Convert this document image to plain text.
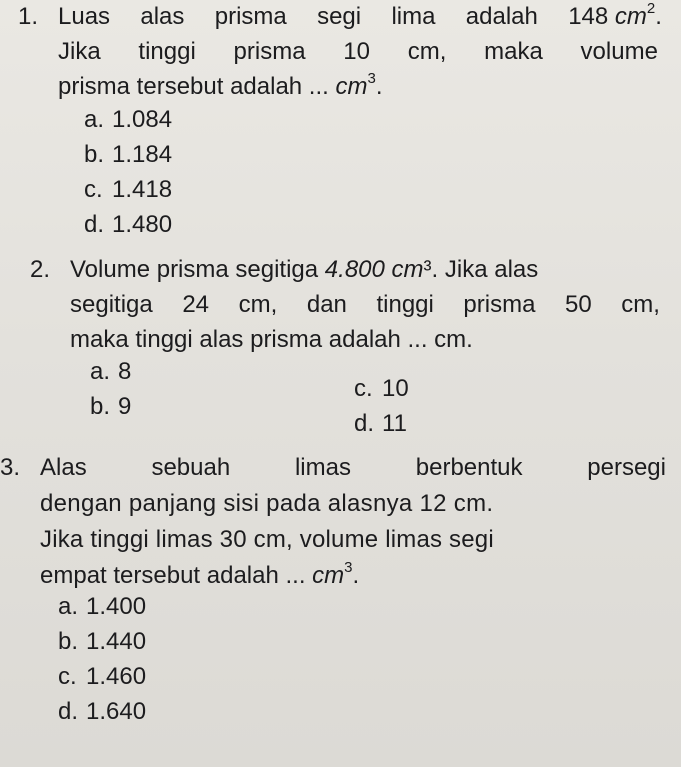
1. Luas alas prisma segi lima adalah 148 $cm^2$.
Jika tinggi prisma 10 cm, maka volume
prisma tersebut adalah ... $cm^3$.
a. 1.084
b. 1.184
c. 1.418
d. 1.480
2. Volume prisma segitiga 4.800 cm³. Jika alas
segitiga 24 cm, dan tinggi prisma 50 cm,
maka tinggi alas prisma adalah ... cm.
a. 8
b. 9
c. 10
d. 11
3. Alas	sebuah	limas	berbentuk	persegi
dengan panjang sisi pada alasnya 12 cm.
Jika tinggi limas 30 cm, volume limas segi
empat tersebut adalah ... $cm^3$.
a. 1.400
b. 1.440
c. 1.460
d. 1.640
